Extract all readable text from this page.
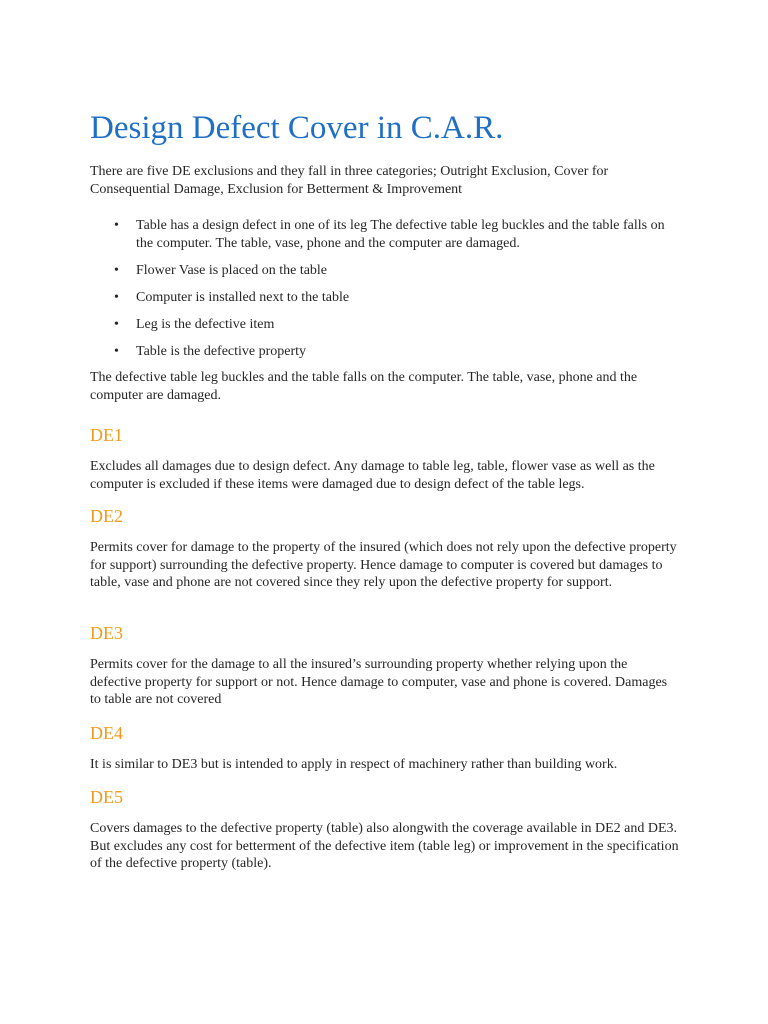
Design Defect Cover in C.A.R.

There are five DE exclusions and they fall in three categories; Outright Exclusion, Cover for Consequential Damage, Exclusion for Betterment & Improvement

• Table has a design defect in one of its leg The defective table leg buckles and the table falls on the computer. The table, vase, phone and the computer are damaged.
• Flower Vase is placed on the table
• Computer is installed next to the table
• Leg is the defective item
• Table is the defective property

The defective table leg buckles and the table falls on the computer. The table, vase, phone and the computer are damaged.

DE1

Excludes all damages due to design defect. Any damage to table leg, table, flower vase as well as the computer is excluded if these items were damaged due to design defect of the table legs.

DE2

Permits cover for damage to the property of the insured (which does not rely upon the defective property for support) surrounding the defective property. Hence damage to computer is covered but damages to table, vase and phone are not covered since they rely upon the defective property for support.

DE3

Permits cover for the damage to all the insured’s surrounding property whether relying upon the defective property for support or not. Hence damage to computer, vase and phone is covered. Damages to table are not covered

DE4

It is similar to DE3 but is intended to apply in respect of machinery rather than building work.

DE5

Covers damages to the defective property (table) also alongwith the coverage available in DE2 and DE3. But excludes any cost for betterment of the defective item (table leg) or improvement in the specification of the defective property (table).
